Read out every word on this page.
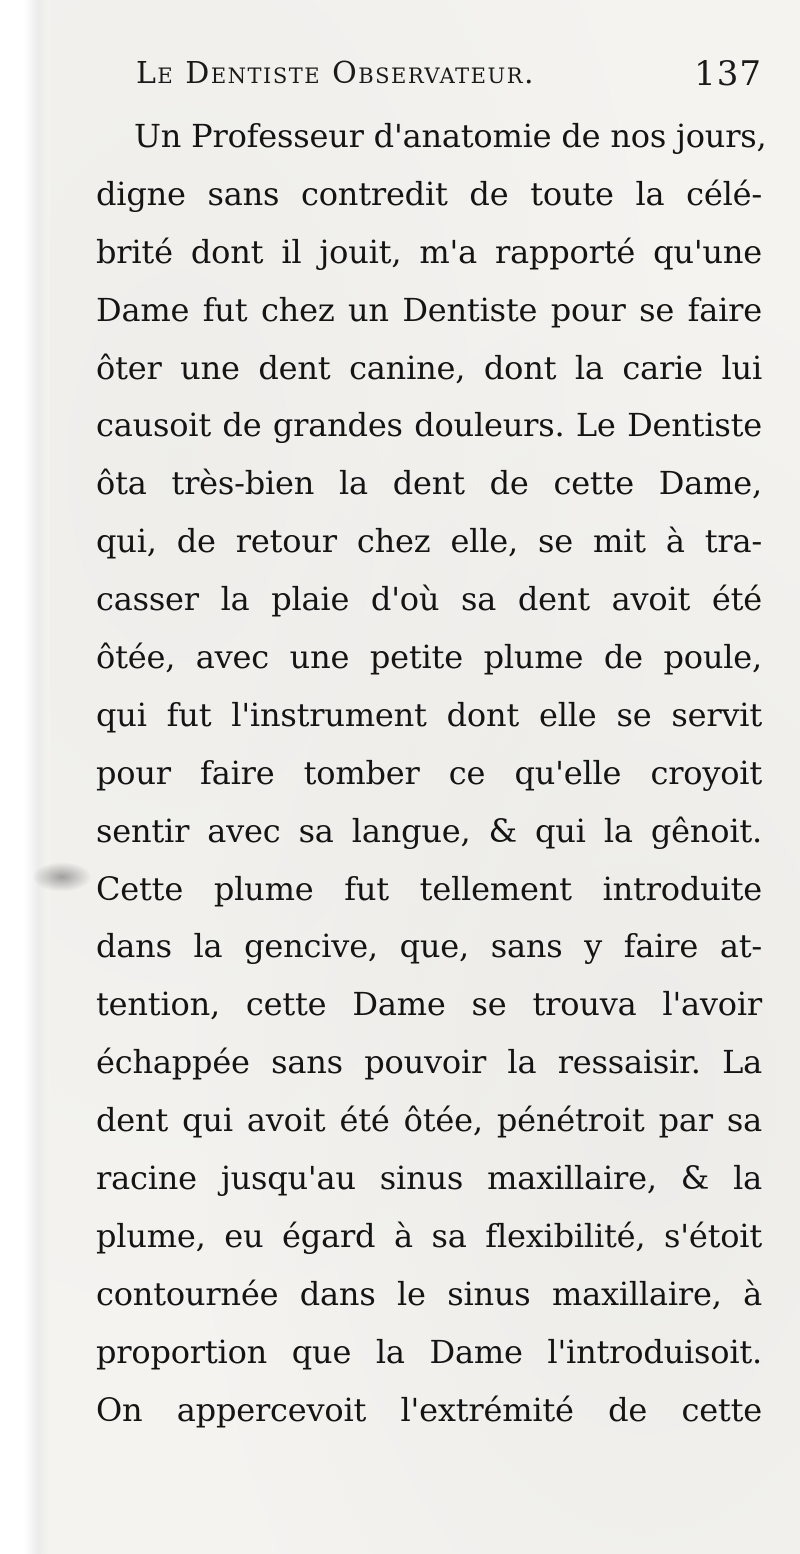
Le Dentiste Observateur.	137
Un Professeur d'anatomie de nos jours,
digne sans contredit de toute la célé-
brité dont il jouit, m'a rapporté qu'une
Dame fut chez un Dentiste pour se faire
ôter une dent canine, dont la carie lui
causoit de grandes douleurs. Le Dentiste
ôta très-bien la dent de cette Dame,
qui, de retour chez elle, se mit à tra-
casser la plaie d'où sa dent avoit été
ôtée, avec une petite plume de poule,
qui fut l'instrument dont elle se servit
pour faire tomber ce qu'elle croyoit
sentir avec sa langue, & qui la gênoit.
Cette plume fut tellement introduite
dans la gencive, que, sans y faire at-
tention, cette Dame se trouva l'avoir
échappée sans pouvoir la ressaisir. La
dent qui avoit été ôtée, pénétroit par sa
racine jusqu'au sinus maxillaire, & la
plume, eu égard à sa flexibilité, s'étoit
contournée dans le sinus maxillaire, à
proportion que la Dame l'introduisoit.
On appercevoit l'extrémité de cette
